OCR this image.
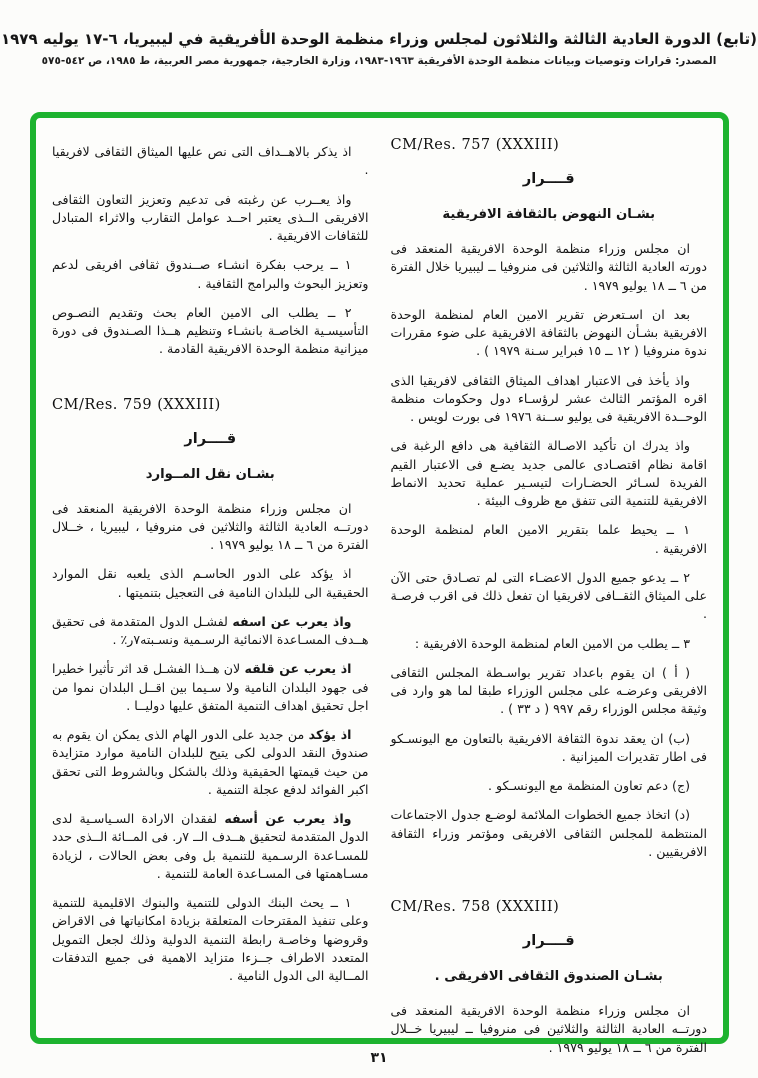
(تابع) الدورة العادية الثالثة والثلاثون لمجلس وزراء منظمة الوحدة الأفريقية في ليبيريا، ٦-١٧ يوليه ١٩٧٩
المصدر: قرارات وتوصيات وبيانات منظمة الوحدة الأفريقية ١٩٦٣-١٩٨٣، وزارة الخارجية، جمهورية مصر العربية، ط ١٩٨٥، ص ٥٤٢-٥٧٥
CM/Res. 757 (XXXIII)
قــــرار
بشـان النهوض بالثقافة الافريقية

ان مجلس وزراء منظمة الوحدة الافريقية المنعقد فى دورته العادية الثالثة والثلاثين فى منروفيا ــ ليبيريا خلال الفترة من ٦ ــ ١٨ يوليو ١٩٧٩ .

بعد ان اسـتعرض تقرير الامين العام لمنظمة الوحدة الافريقية بشـأن النهوض بالثقافة الافريقية على ضوء مقررات ندوة منروفيا ( ١٢ ــ ١٥ فبراير سـنة ١٩٧٩ ) .

واذ يأخذ فى الاعتبار اهداف الميثاق الثقافى لافريقيا الذى اقره المؤتمر الثالث عشر لرؤسـاء دول وحكومات منظمة الوحــدة الافريقية فى يوليو ســنة ١٩٧٦ فى بورت لويس .

واذ يدرك ان تأكيد الاصـالة الثقافية هى دافع الرغبة فى اقامة نظام اقتصـادى عالمى جديد يضـع فى الاعتبار القيم الفريدة لسـائر الحضـارات لتيسـير عملية تحديد الانماط الافريقية للتنمية التى تتفق مع ظروف البيئة .

١ ــ يحيط علما بتقرير الامين العام لمنظمة الوحدة الافريقية .

٢ ــ يدعو جميع الدول الاعضـاء التى لم تصـادق حتى الآن على الميثاق الثقــافى لافريقيا ان تفعل ذلك فى اقرب فرصـة .

٣ ــ يطلب من الامين العام لمنظمة الوحدة الافريقية :

( أ ) ان يقوم باعداد تقرير بواسـطة المجلس الثقافى الافريقى وعرضـه على مجلس الوزراء طبقا لما هو وارد فى وثيقة مجلس الوزراء رقم ٩٩٧ ( د ٣٣ ) .

(ب) ان يعقد ندوة الثقافة الافريقية بالتعاون مع اليونسـكو فى اطار تقديرات الميزانية .

(ج) دعم تعاون المنظمة مع اليونسـكو .

(د) اتخاذ جميع الخطوات الملائمة لوضـع جدول الاجتماعات المنتظمة للمجلس الثقافى الافريقى ومؤتمر وزراء الثقافة الافريقيين .

CM/Res. 758 (XXXIII)
قــــرار
بشـان الصندوق الثقافى الافريقى .

ان مجلس وزراء منظمة الوحدة الافريقية المنعقد فى دورتــه العادية الثالثة والثلاثين فى منروفيا ــ ليبيريا خــلال الفترة من ٦ ــ ١٨ يوليو ١٩٧٩ .

اذ يذكر بالاهــداف التى نص عليها الميثاق الثقافى لافريقيا .

واذ يعــرب عن رغبته فى تدعيم وتعزيز التعاون الثقافى الافريقى الــذى يعتبر احــد عوامل التقارب والاثراء المتبادل للثقافات الافريقية .

١ ــ يرحب بفكرة انشـاء صــندوق ثقافى افريقى لدعم وتعزيز البحوث والبرامج الثقافية .

٢ ــ يطلب الى الامين العام بحث وتقديم النصـوص التأسيسـية الخاصـة بانشـاء وتنظيم هــذا الصـندوق فى دورة ميزانية منظمة الوحدة الافريقية القادمة .

CM/Res. 759 (XXXIII)
قــــرار
بشـان نقل المــوارد

ان مجلس وزراء منظمة الوحدة الافريقية المنعقد فى دورتــه العادية الثالثة والثلاثين فى منروفيا ، ليبيريا ، خــلال الفترة من ٦ ــ ١٨ يوليو ١٩٧٩ .

اذ يؤكد على الدور الحاسـم الذى يلعبه نقل الموارد الحقيقية الى للبلدان النامية فى التعجيل بتنميتها .

واذ يعرب عن اسفه لفشـل الدول المتقدمة فى تحقيق هــدف المسـاعدة الانمائية الرسـمية ونسـبته٧ر٪ .

اذ يعرب عن قلقه لان هــذا الفشـل قد اثر تأثيرا خطيرا فى جهود البلدان النامية ولا سـيما بين اقــل البلدان نموا من اجل تحقيق اهداف التنمية المتفق عليها دوليــا .

اذ يؤكد من جديد على الدور الهام الذى يمكن ان يقوم به صندوق النقد الدولى لكى يتيح للبلدان النامية موارد متزايدة من حيث قيمتها الحقيقية وذلك بالشكل وبالشروط التى تحقق اكبر الفوائد لدفع عجلة التنمية .

واذ يعرب عن أسفه لفقدان الارادة السـياسـية لدى الدول المتقدمة لتحقيق هــدف الــ ٧ر. فى المــائة الــذى حدد للمسـاعدة الرسـمية للتنمية بل وفى بعض الحالات ، لزيادة مسـاهمتها فى المسـاعدة العامة للتنمية .

١ ــ يحث البنك الدولى للتنمية والبنوك الاقليمية للتنمية وعلى تنفيذ المقترحات المتعلقة بزيادة امكانياتها فى الاقراض وقروضها وخاصـة رابطة التنمية الدولية وذلك لجعل التمويل المتعدد الاطراف جــزءا متزايد الاهمية فى جميع التدفقات المــالية الى الدول النامية .

٣١
